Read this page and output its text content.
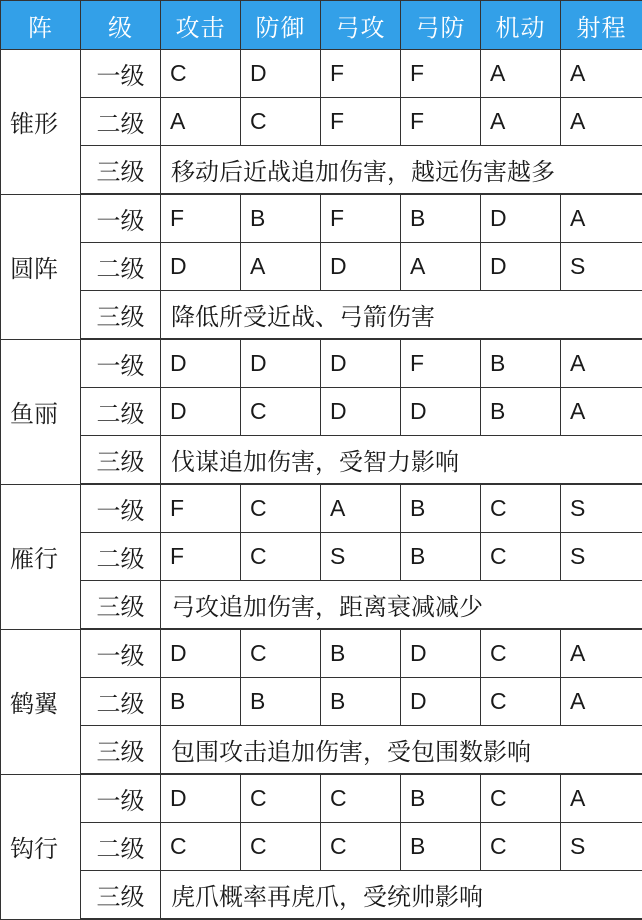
阵	级	攻击	防御	弓攻	弓防	机动	射程
锥形	一级	C	D	F	F	A	A
	二级	A	C	F	F	A	A
	三级	移动后近战追加伤害，越远伤害越多					
圆阵	一级	F	B	F	B	D	A
	二级	D	A	D	A	D	S
	三级	降低所受近战、弓箭伤害					
鱼丽	一级	D	D	D	F	B	A
	二级	D	C	D	D	B	A
	三级	伐谋追加伤害，受智力影响					
雁行	一级	F	C	A	B	C	S
	二级	F	C	S	B	C	S
	三级	弓攻追加伤害，距离衰减减少					
鹤翼	一级	D	C	B	D	C	A
	二级	B	B	B	D	C	A
	三级	包围攻击追加伤害，受包围数影响					
钩行	一级	D	C	C	B	C	A
	二级	C	C	C	B	C	S
	三级	虎爪概率再虎爪，受统帅影响					
